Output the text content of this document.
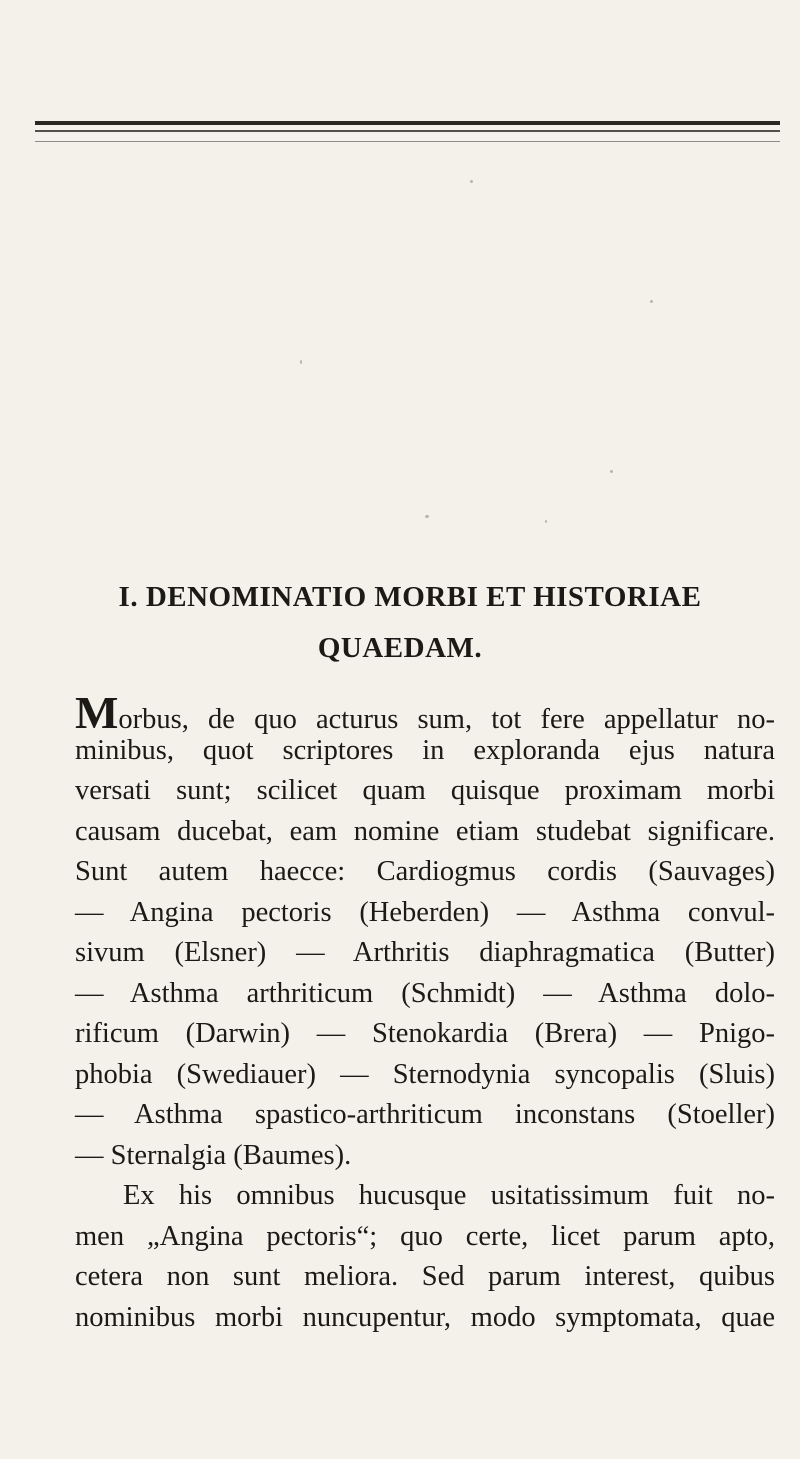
I. DENOMINATIO MORBI ET HISTORIAE
QUAEDAM.
Morbus, de quo acturus sum, tot fere appellatur no-
minibus, quot scriptores in exploranda ejus natura
versati sunt; scilicet quam quisque proximam morbi
causam ducebat, eam nomine etiam studebat significare.
Sunt autem haecce: Cardiogmus cordis (Sauvages)
— Angina pectoris (Heberden) — Asthma convul-
sivum (Elsner) — Arthritis diaphragmatica (Butter)
— Asthma arthriticum (Schmidt) — Asthma dolo-
rificum (Darwin) — Stenokardia (Brera) — Pnigo-
phobia (Swediauer) — Sternodynia syncopalis (Sluis)
— Asthma spastico-arthriticum inconstans (Stoeller)
— Sternalgia (Baumes).
Ex his omnibus hucusque usitatissimum fuit no-
men „Angina pectoris“; quo certe, licet parum apto,
cetera non sunt meliora. Sed parum interest, quibus
nominibus morbi nuncupentur, modo symptomata, quae
